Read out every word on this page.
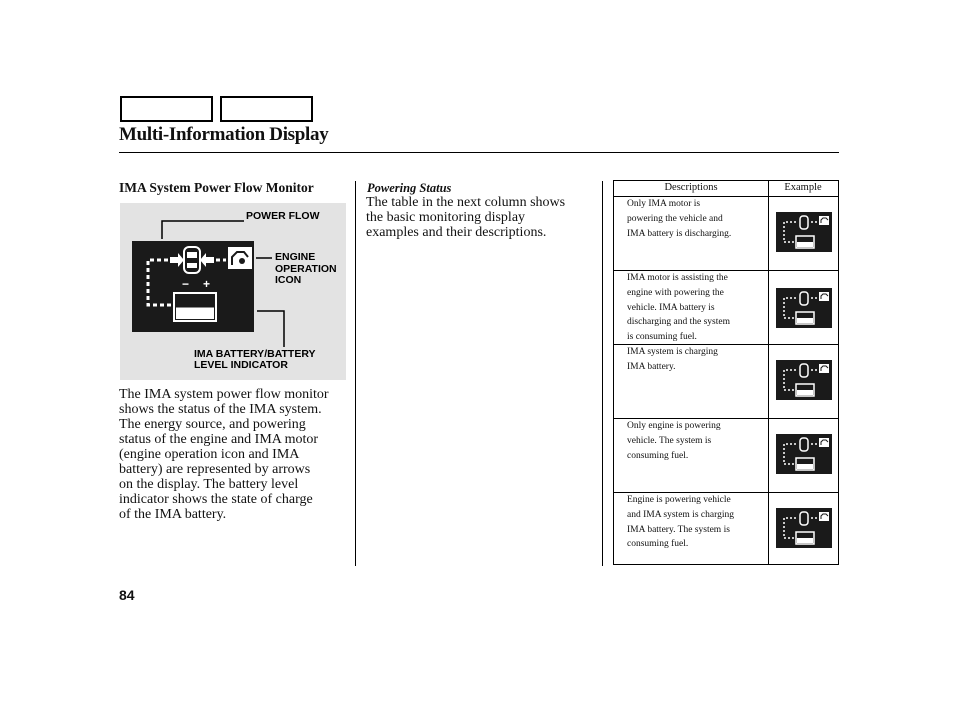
Multi-Information Display
IMA System Power Flow Monitor
− +
POWER FLOW
ENGINE
OPERATION
ICON
IMA BATTERY/BATTERY
LEVEL INDICATOR
The IMA system power flow monitor
shows the status of the IMA system.
The energy source, and powering
status of the engine and IMA motor
(engine operation icon and IMA
battery) are represented by arrows
on the display. The battery level
indicator shows the state of charge
of the IMA battery.
Powering Status
The table in the next column shows
the basic monitoring display
examples and their descriptions.
Descriptions	Example
Only IMA motor is
powering the vehicle and
IMA battery is discharging.
IMA motor is assisting the
engine with powering the
vehicle. IMA battery is
discharging and the system
is consuming fuel.
IMA system is charging
IMA battery.
Only engine is powering
vehicle. The system is
consuming fuel.
Engine is powering vehicle
and IMA system is charging
IMA battery. The system is
consuming fuel.
84
